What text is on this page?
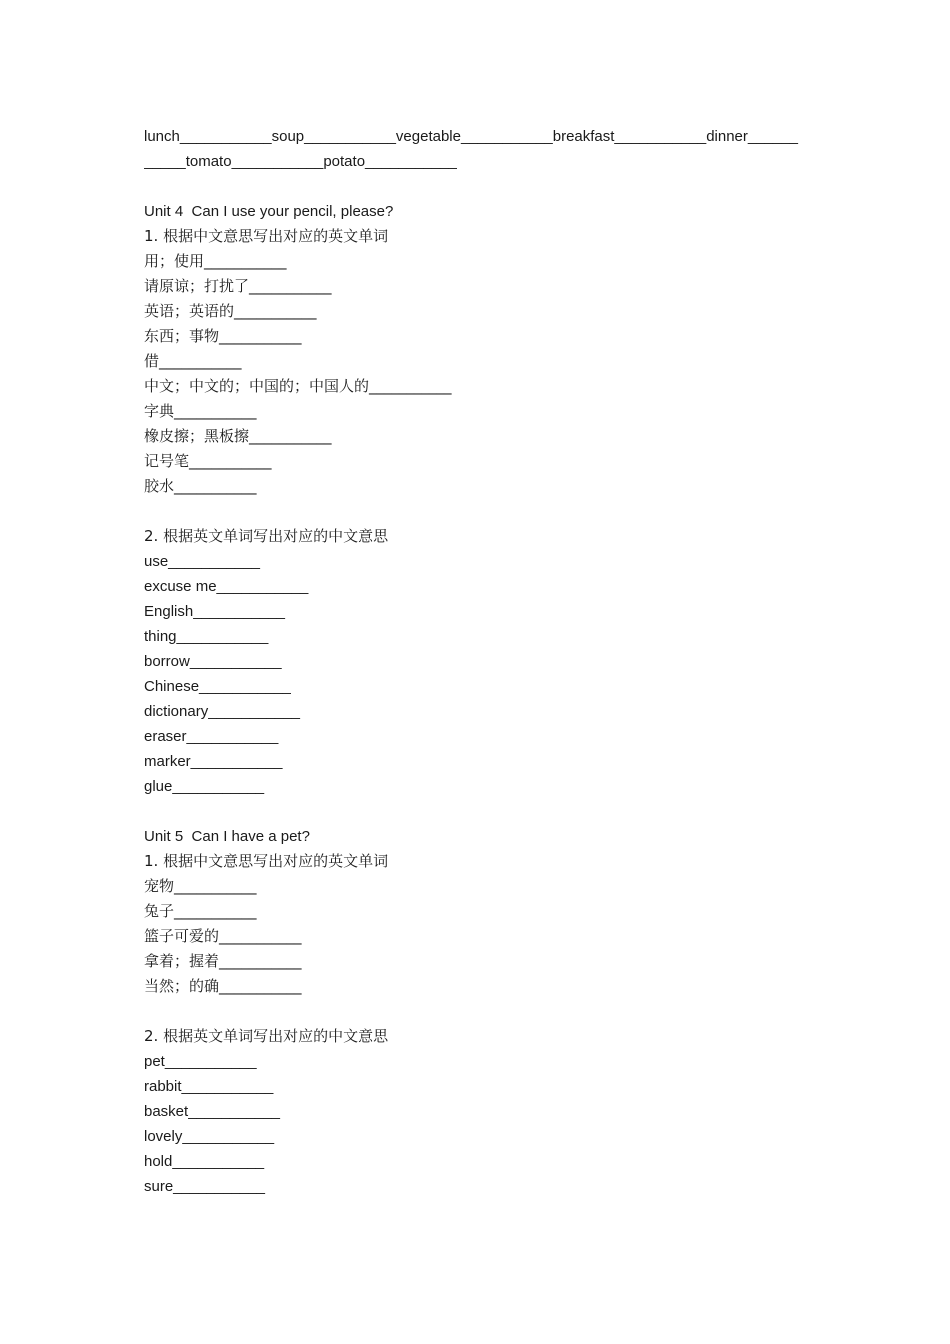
lunch___________soup___________vegetable___________breakfast___________dinner______
_____tomato___________potato___________
Unit 4  Can I use your pencil, please?
1. 根据中文意思写出对应的英文单词
用；使用___________
请原谅；打扰了___________
英语；英语的___________
东西；事物___________
借___________
中文；中文的；中国的；中国人的___________
字典___________
橡皮擦；黑板擦___________
记号笔___________
胶水___________
2. 根据英文单词写出对应的中文意思
use___________
excuse me___________
English___________
thing___________
borrow___________
Chinese___________
dictionary___________
eraser___________
marker___________
glue___________
Unit 5  Can I have a pet?
1. 根据中文意思写出对应的英文单词
宠物___________
兔子___________
篮子可爱的___________
拿着；握着___________
当然；的确___________
2. 根据英文单词写出对应的中文意思
pet___________
rabbit___________
basket___________
lovely___________
hold___________
sure___________
